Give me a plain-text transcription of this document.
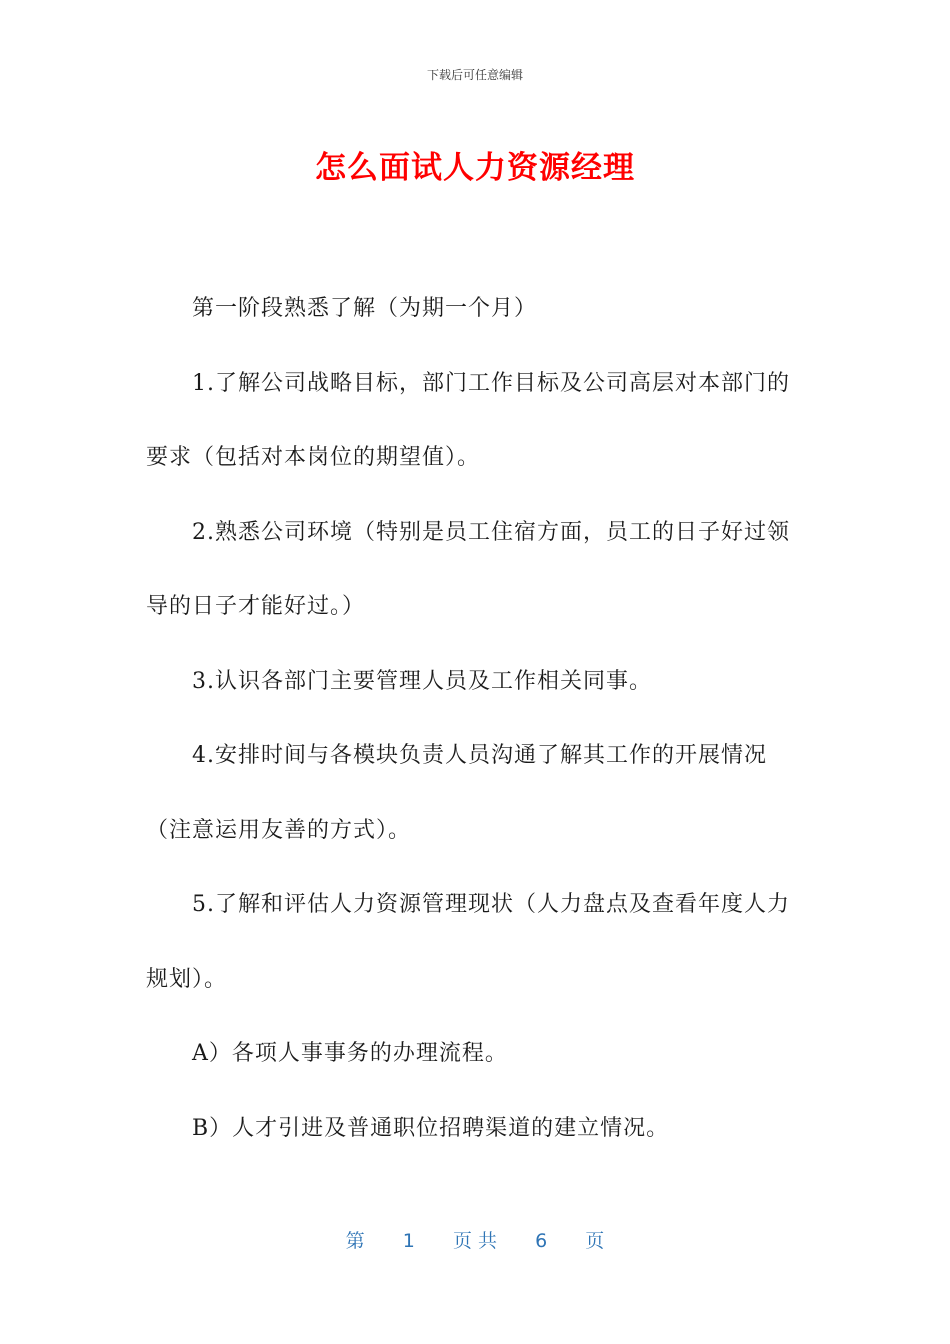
下载后可任意编辑
怎么面试人力资源经理

第一阶段熟悉了解（为期一个月）

1.了解公司战略目标，部门工作目标及公司高层对本部门的要求（包括对本岗位的期望值）。

2.熟悉公司环境（特别是员工住宿方面，员工的日子好过领导的日子才能好过。）

3.认识各部门主要管理人员及工作相关同事。

4.安排时间与各模块负责人员沟通了解其工作的开展情况（注意运用友善的方式）。

5.了解和评估人力资源管理现状（人力盘点及查看年度人力规划）。

A）各项人事事务的办理流程。

B）人才引进及普通职位招聘渠道的建立情况。

第 1 页 共 6 页
